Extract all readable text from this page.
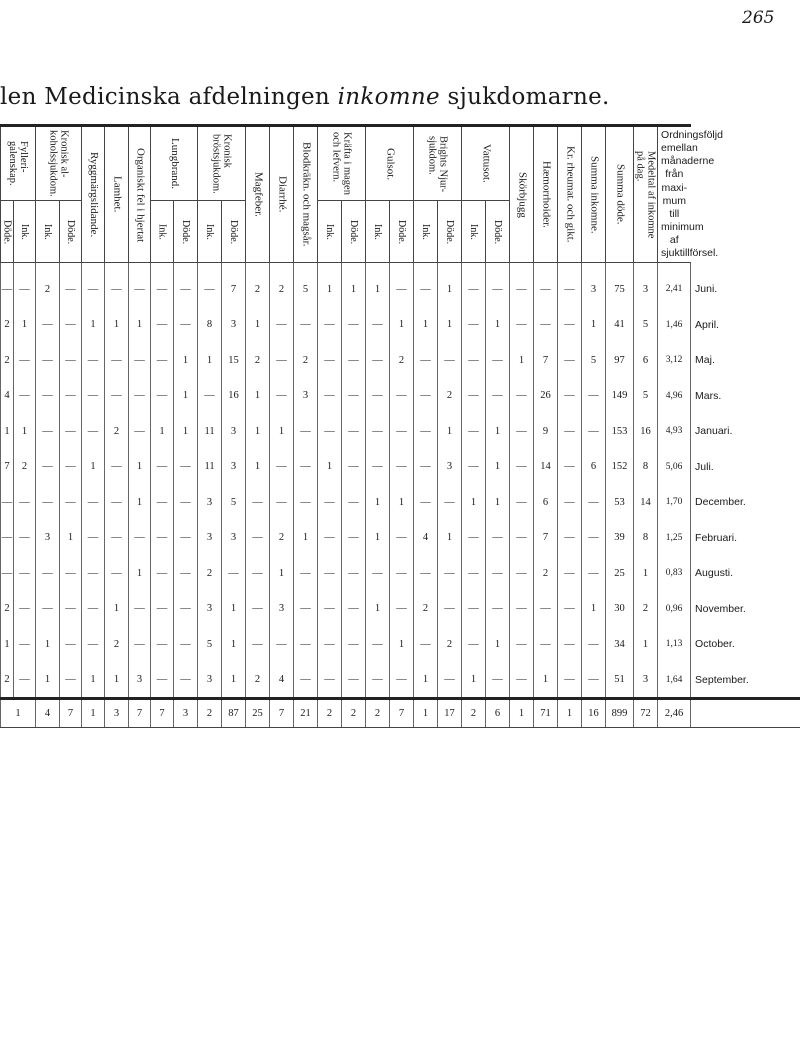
265
len Medicinska afdelningen inkomne sjukdomarne.
Fylleri-
galenskap.		Kronisk al-
koholssjukdom.		Ryggmärgslidande.	Lamhet.	Organiskt fel i hjertat	Lungbrand.		Kronisk
bröstsjukdom.		Magfeber.	Diarrhé.	Blodkräkn. och magsår.	Kräfta i magen
och lefvern.		Gulsot.		Brights Njur-
sjukdom.		Vattusot.		Skörbjugg	Hæmorrhoider.	Kr. rheumat. och gikt.	Summa inkomne.	Summa döde.	Medeltal af inkomne
på dag.	Ordningsföljd emellan månaderne från maxi-mum till minimum af sjuktillförsel.	

Döde.	Ink.	Ink.	Döde.				Ink.	Döde.	Ink.	Döde.				Ink.	Döde.	Ink.	Döde.	Ink.	Döde.	Ink.	Döde.								

—	—	2	—	—	—	—	—	—	—	7	2	2	5	1	1	1	—	—	1	—	—	—	—	—	3	75	3	2,41	Juni.
2	1	—	—	1	1	1	—	—	8	3	1	—	—	—	—	—	1	1	1	—	1	—	—	—	1	41	5	1,46	April.
2	—	—	—	—	—	—	—	1	1	15	2	—	2	—	—	—	2	—	—	—	—	1	7	—	5	97	6	3,12	Maj.
4	—	—	—	—	—	—	—	1	—	16	1	—	3	—	—	—	—	—	2	—	—	—	26	—	—	149	5	4,96	Mars.
1	1	—	—	—	2	—	1	1	11	3	1	1	—	—	—	—	—	—	1	—	1	—	9	—	—	153	16	4,93	Januari.
7	2	—	—	1	—	1	—	—	11	3	1	—	—	1	—	—	—	—	3	—	1	—	14	—	6	152	8	5,06	Juli.
—	—	—	—	—	—	1	—	—	3	5	—	—	—	—	—	1	1	—	—	1	1	—	6	—	—	53	14	1,70	December.
—	—	3	1	—	—	—	—	—	3	3	—	2	1	—	—	1	—	4	1	—	—	—	7	—	—	39	8	1,25	Februari.
—	—	—	—	—	—	1	—	—	2	—	—	1	—	—	—	—	—	—	—	—	—	—	2	—	—	25	1	0,83	Augusti.
2	—	—	—	—	1	—	—	—	3	1	—	3	—	—	—	1	—	2	—	—	—	—	—	—	1	30	2	0,96	November.
1	—	1	—	—	2	—	—	—	5	1	—	—	—	—	—	—	1	—	2	—	1	—	—	—	—	34	1	1,13	October.
2	—	1	—	1	1	3	—	—	3	1	2	4	—	—	—	—	—	1	—	1	—	—	1	—	—	51	3	1,64	September.
1		4	7	1	3	7	7	3	2	87	25	7	21	2	2	2	7	1	17	2	6	1	71	1	16	899	72	2,46	
